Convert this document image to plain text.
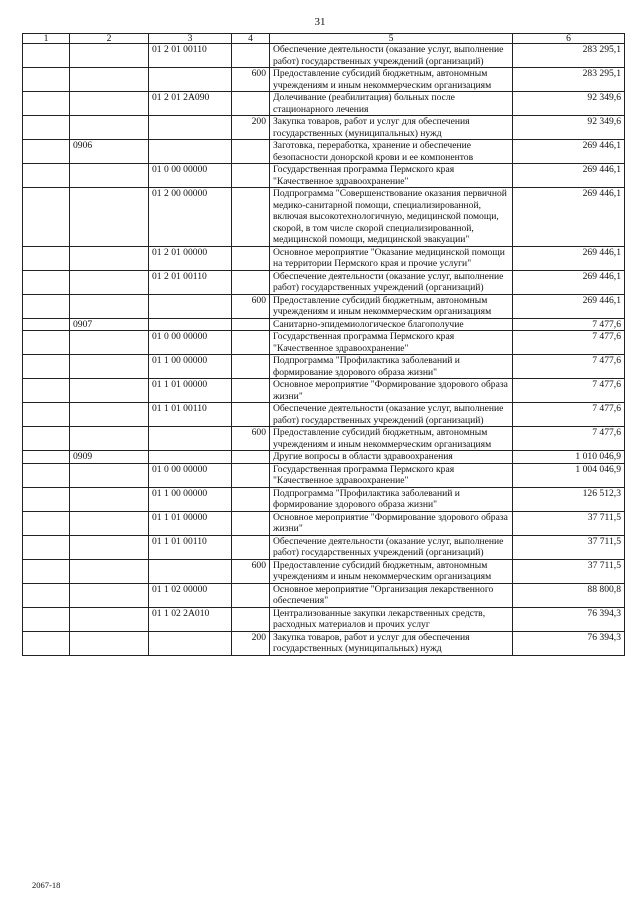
31
1	2	3	4	5	6
		01 2 01 00110		Обеспечение деятельности (оказание услуг, выполнение работ) государственных учреждений (организаций)	283 295,1
			600	Предоставление субсидий бюджетным, автономным учреждениям и иным некоммерческим организациям	283 295,1
		01 2 01 2А090		Долечивание (реабилитация) больных после стационарного лечения	92 349,6
			200	Закупка товаров, работ и услуг для обеспечения государственных (муниципальных) нужд	92 349,6
	0906			Заготовка, переработка, хранение и обеспечение безопасности донорской крови и ее компонентов	269 446,1
		01 0 00 00000		Государственная программа Пермского края "Качественное здравоохранение"	269 446,1
		01 2 00 00000		Подпрограмма "Совершенствование оказания первичной медико-санитарной помощи, специализированной, включая высокотехнологичную, медицинской помощи, скорой, в том числе скорой специализированной, медицинской помощи, медицинской эвакуации"	269 446,1
		01 2 01 00000		Основное мероприятие "Оказание медицинской помощи на территории Пермского края и прочие услуги"	269 446,1
		01 2 01 00110		Обеспечение деятельности (оказание услуг, выполнение работ) государственных учреждений (организаций)	269 446,1
			600	Предоставление субсидий бюджетным, автономным учреждениям и иным некоммерческим организациям	269 446,1
	0907			Санитарно-эпидемиологическое благополучие	7 477,6
		01 0 00 00000		Государственная программа Пермского края "Качественное здравоохранение"	7 477,6
		01 1 00 00000		Подпрограмма "Профилактика заболеваний и формирование здорового образа жизни"	7 477,6
		01 1 01 00000		Основное мероприятие "Формирование здорового образа жизни"	7 477,6
		01 1 01 00110		Обеспечение деятельности (оказание услуг, выполнение работ) государственных учреждений (организаций)	7 477,6
			600	Предоставление субсидий бюджетным, автономным учреждениям и иным некоммерческим организациям	7 477,6
	0909			Другие вопросы в области здравоохранения	1 010 046,9
		01 0 00 00000		Государственная программа Пермского края "Качественное здравоохранение"	1 004 046,9
		01 1 00 00000		Подпрограмма "Профилактика заболеваний и формирование здорового образа жизни"	126 512,3
		01 1 01 00000		Основное мероприятие "Формирование здорового образа жизни"	37 711,5
		01 1 01 00110		Обеспечение деятельности (оказание услуг, выполнение работ) государственных учреждений (организаций)	37 711,5
			600	Предоставление субсидий бюджетным, автономным учреждениям и иным некоммерческим организациям	37 711,5
		01 1 02 00000		Основное мероприятие "Организация лекарственного обеспечения"	88 800,8
		01 1 02 2А010		Централизованные закупки лекарственных средств, расходных материалов и прочих услуг	76 394,3
			200	Закупка товаров, работ и услуг для обеспечения государственных (муниципальных) нужд	76 394,3
2067-18
